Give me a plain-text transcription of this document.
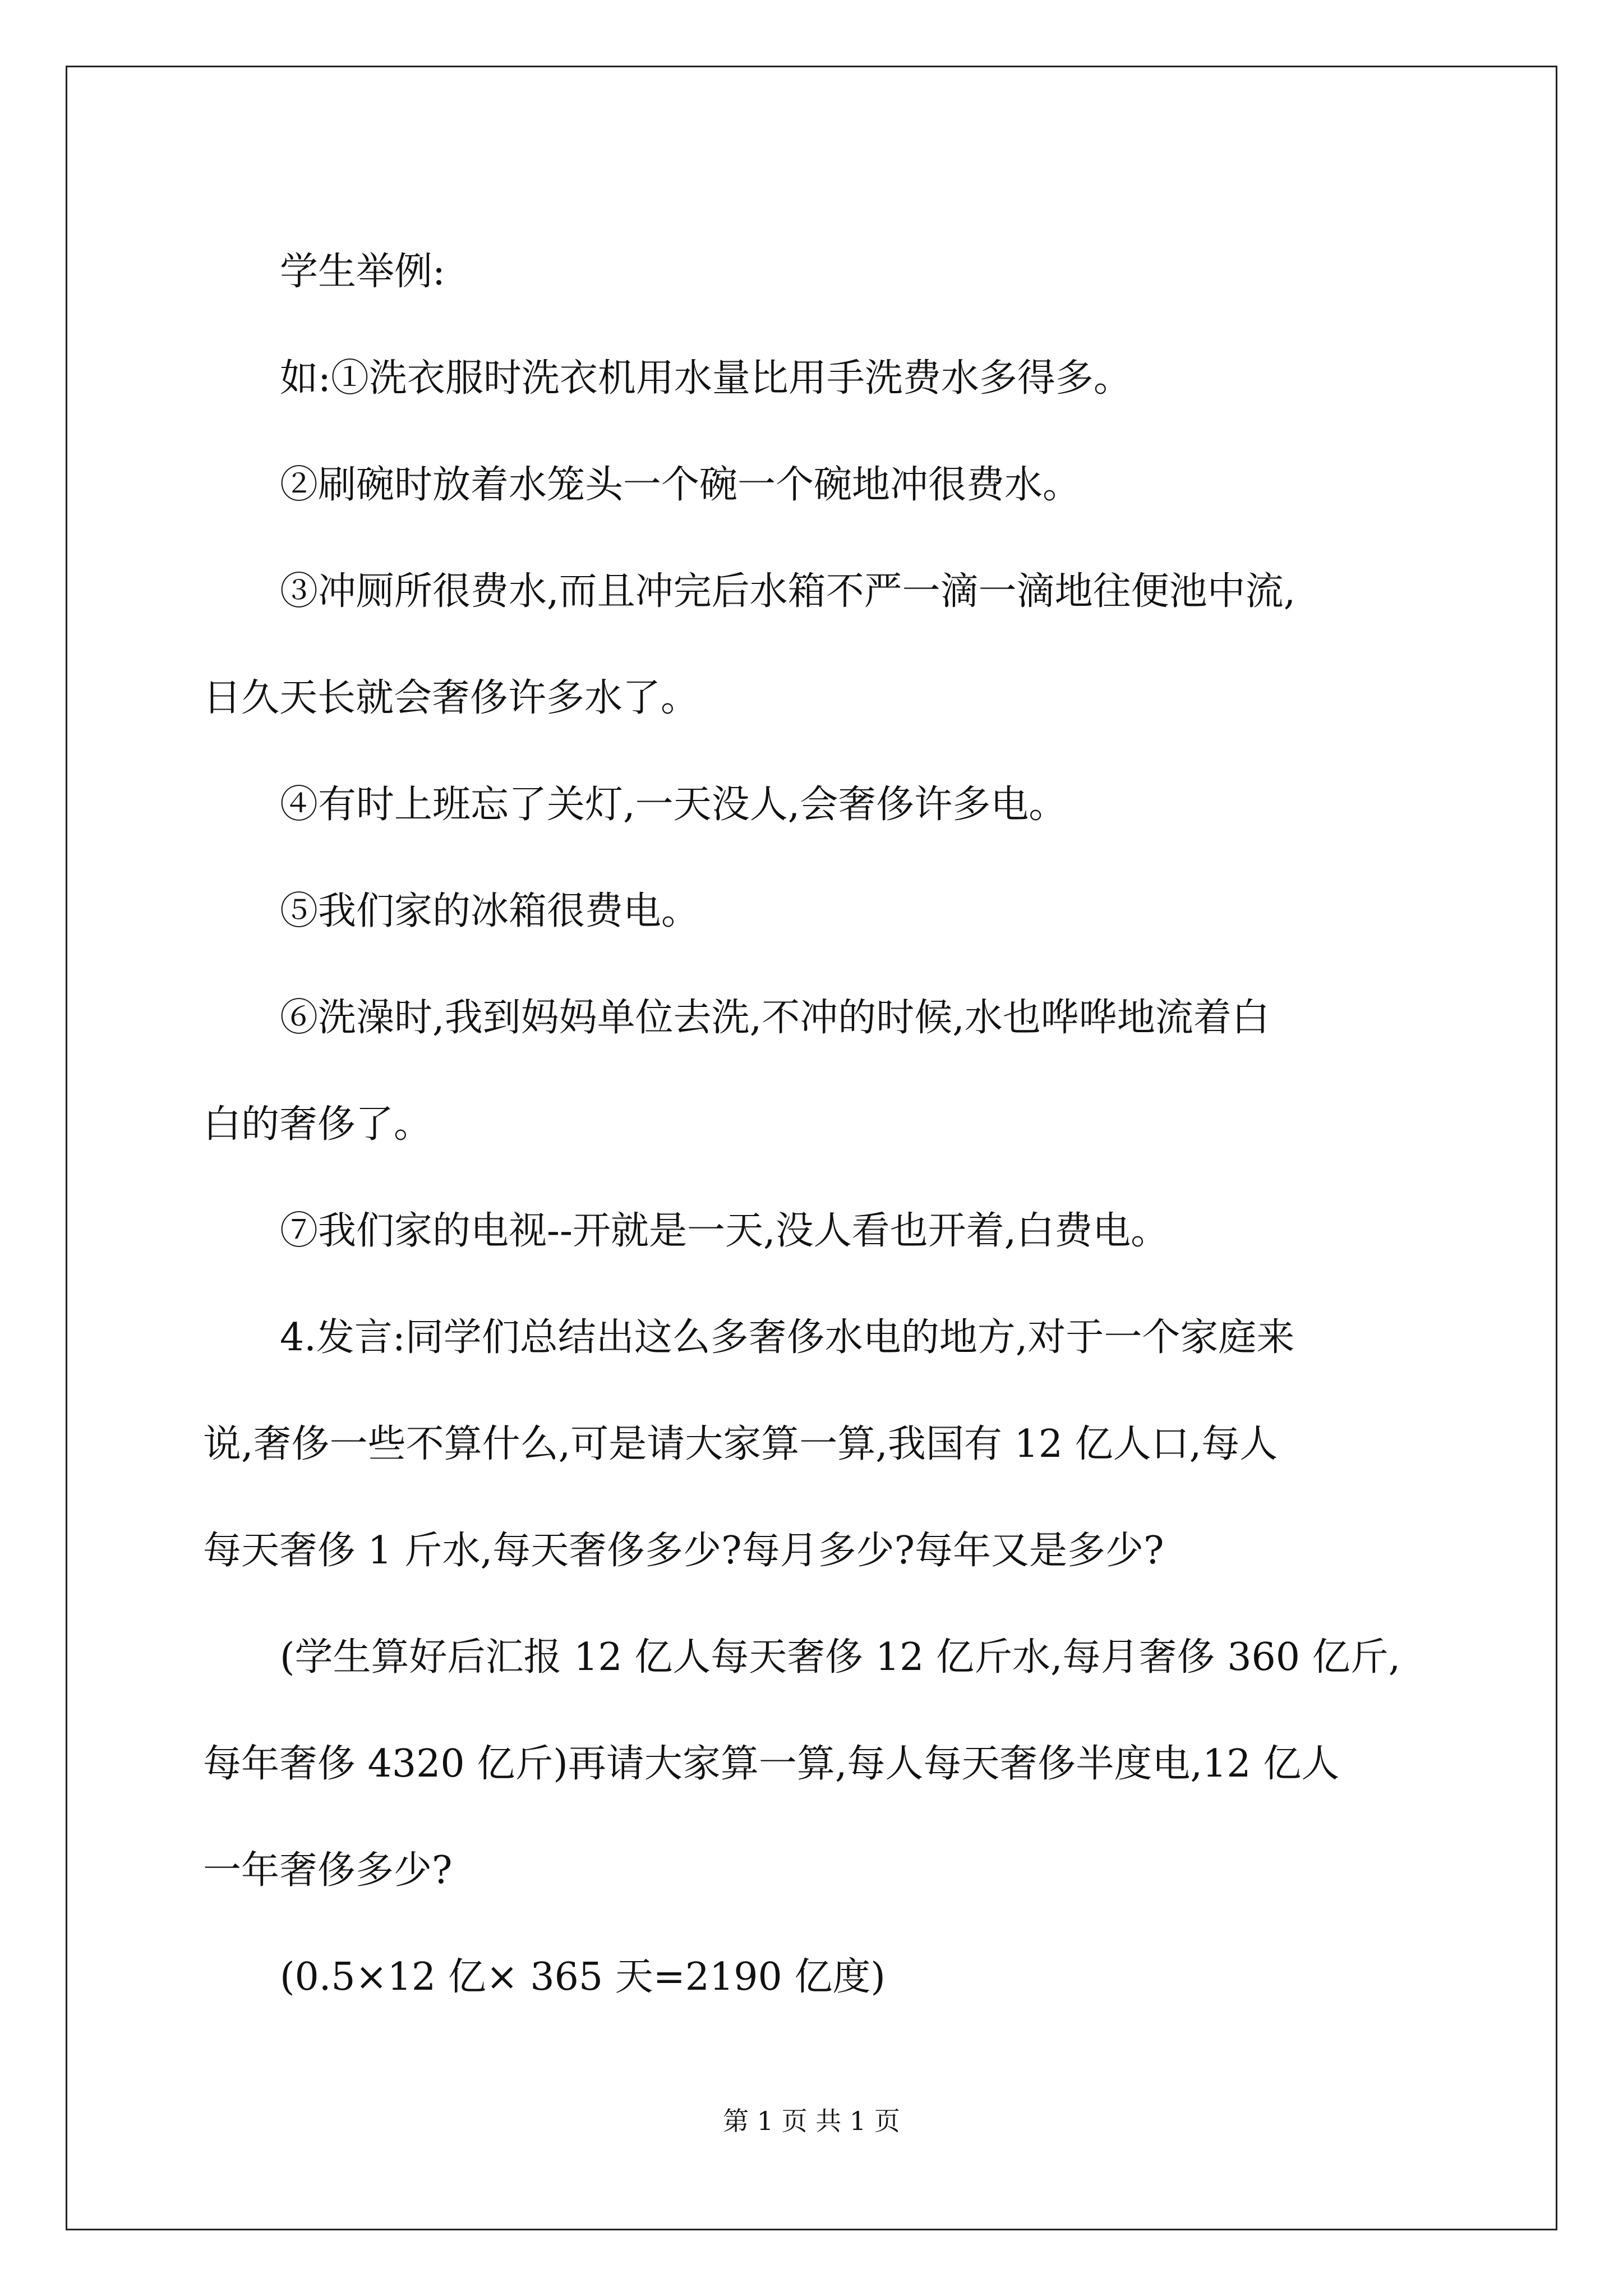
学生举例:

如:①洗衣服时洗衣机用水量比用手洗费水多得多。

②刷碗时放着水笼头一个碗一个碗地冲很费水。

③冲厕所很费水,而且冲完后水箱不严一滴一滴地往便池中流,

日久天长就会奢侈许多水了。

④有时上班忘了关灯,一天没人,会奢侈许多电。

⑤我们家的冰箱很费电。

⑥洗澡时,我到妈妈单位去洗,不冲的时候,水也哗哗地流着白

白的奢侈了。

⑦我们家的电视--开就是一天,没人看也开着,白费电。

4.发言:同学们总结出这么多奢侈水电的地方,对于一个家庭来

说,奢侈一些不算什么,可是请大家算一算,我国有 12 亿人口,每人

每天奢侈 1 斤水,每天奢侈多少?每月多少?每年又是多少?

(学生算好后汇报 12 亿人每天奢侈 12 亿斤水,每月奢侈 360 亿斤,

每年奢侈 4320 亿斤)再请大家算一算,每人每天奢侈半度电,12 亿人

一年奢侈多少?

(0.5×12 亿× 365 天=2190 亿度)

第 1 页 共 1 页
